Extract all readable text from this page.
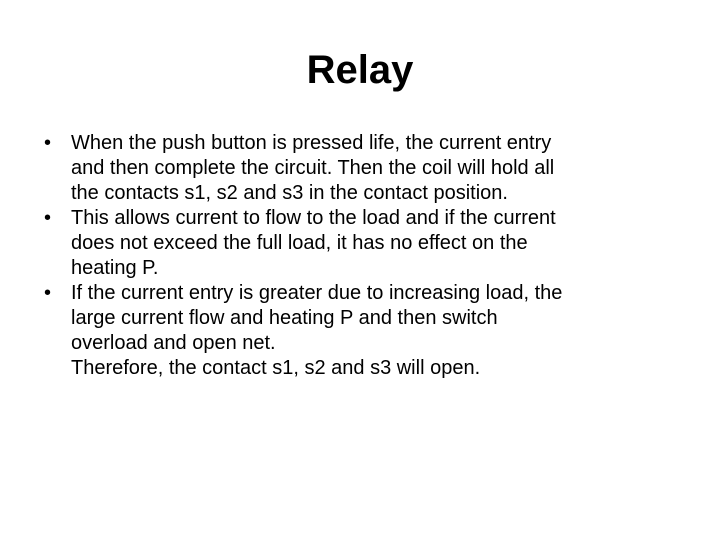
Relay
• When the push button is pressed life, the current entry
and then complete the circuit. Then the coil will hold all
the contacts s1, s2 and s3 in the contact position.
• This allows current to flow to the load and if the current
does not exceed the full load, it has no effect on the
heating P.
• If the current entry is greater due to increasing load, the
large current flow and heating P and then switch
overload and open net.
Therefore, the contact s1, s2 and s3 will open.
